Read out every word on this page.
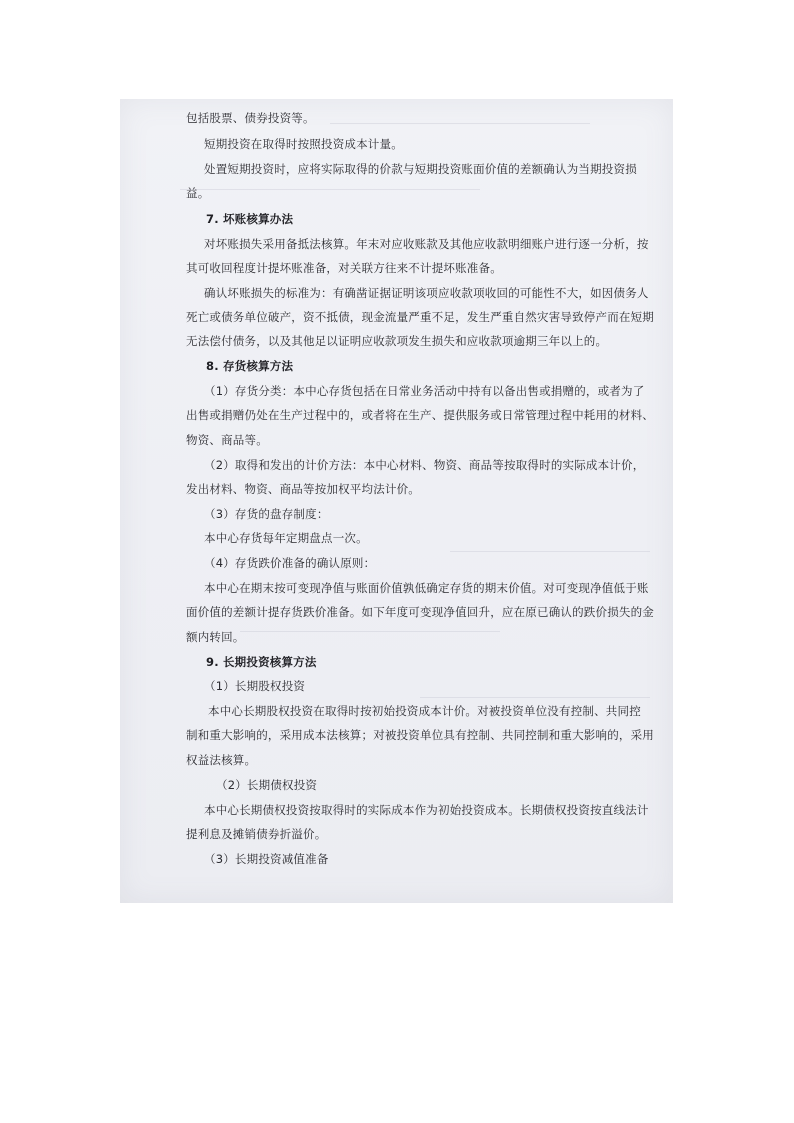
包括股票、债券投资等。

短期投资在取得时按照投资成本计量。

处置短期投资时，应将实际取得的价款与短期投资账面价值的差额确认为当期投资损

益。

7. 坏账核算办法

对坏账损失采用备抵法核算。年末对应收账款及其他应收款明细账户进行逐一分析，按

其可收回程度计提坏账准备，对关联方往来不计提坏账准备。

确认坏账损失的标准为：有确凿证据证明该项应收款项收回的可能性不大，如因债务人

死亡或债务单位破产，资不抵债，现金流量严重不足，发生严重自然灾害导致停产而在短期

无法偿付债务，以及其他足以证明应收款项发生损失和应收款项逾期三年以上的。

8. 存货核算方法

（1）存货分类：本中心存货包括在日常业务活动中持有以备出售或捐赠的，或者为了

出售或捐赠仍处在生产过程中的，或者将在生产、提供服务或日常管理过程中耗用的材料、

物资、商品等。

（2）取得和发出的计价方法：本中心材料、物资、商品等按取得时的实际成本计价，

发出材料、物资、商品等按加权平均法计价。

（3）存货的盘存制度：

本中心存货每年定期盘点一次。

（4）存货跌价准备的确认原则：

本中心在期末按可变现净值与账面价值孰低确定存货的期末价值。对可变现净值低于账

面价值的差额计提存货跌价准备。如下年度可变现净值回升，应在原已确认的跌价损失的金

额内转回。

9. 长期投资核算方法

（1）长期股权投资

本中心长期股权投资在取得时按初始投资成本计价。对被投资单位没有控制、共同控

制和重大影响的，采用成本法核算；对被投资单位具有控制、共同控制和重大影响的，采用

权益法核算。

（2）长期债权投资

本中心长期债权投资按取得时的实际成本作为初始投资成本。长期债权投资按直线法计

提利息及摊销债券折溢价。

（3）长期投资减值准备
